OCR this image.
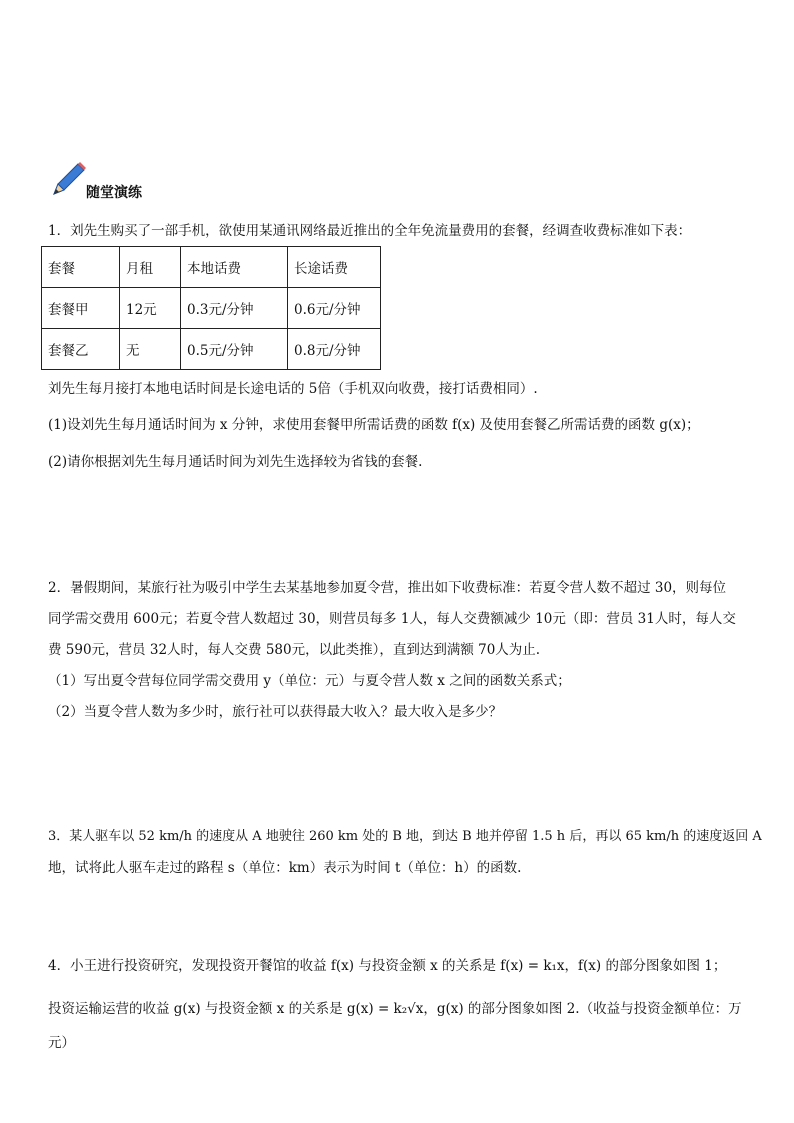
随堂演练
1．刘先生购买了一部手机，欲使用某通讯网络最近推出的全年免流量费用的套餐，经调查收费标准如下表：
套餐	月租	本地话费	长途话费
套餐甲	12元	0.3元/分钟	0.6元/分钟
套餐乙	无	0.5元/分钟	0.8元/分钟
刘先生每月接打本地电话时间是长途电话的 5倍（手机双向收费，接打话费相同）.
(1)设刘先生每月通话时间为 x 分钟，求使用套餐甲所需话费的函数 f(x) 及使用套餐乙所需话费的函数 g(x)；
(2)请你根据刘先生每月通话时间为刘先生选择较为省钱的套餐.
2．暑假期间，某旅行社为吸引中学生去某基地参加夏令营，推出如下收费标准：若夏令营人数不超过 30，则每位
同学需交费用 600元；若夏令营人数超过 30，则营员每多 1人，每人交费额减少 10元（即：营员 31人时，每人交
费 590元，营员 32人时，每人交费 580元，以此类推），直到达到满额 70人为止.
（1）写出夏令营每位同学需交费用 y（单位：元）与夏令营人数 x 之间的函数关系式；
（2）当夏令营人数为多少时，旅行社可以获得最大收入？最大收入是多少？
3．某人驱车以 52 km/h 的速度从 A 地驶往 260 km 处的 B 地，到达 B 地并停留 1.5 h 后，再以 65 km/h 的速度返回 A
地，试将此人驱车走过的路程 s（单位：km）表示为时间 t（单位：h）的函数.
4．小王进行投资研究，发现投资开餐馆的收益 f(x) 与投资金额 x 的关系是 f(x) = k₁x，f(x) 的部分图象如图 1；
投资运输运营的收益 g(x) 与投资金额 x 的关系是 g(x) = k₂√x，g(x) 的部分图象如图 2.（收益与投资金额单位：万
元）
